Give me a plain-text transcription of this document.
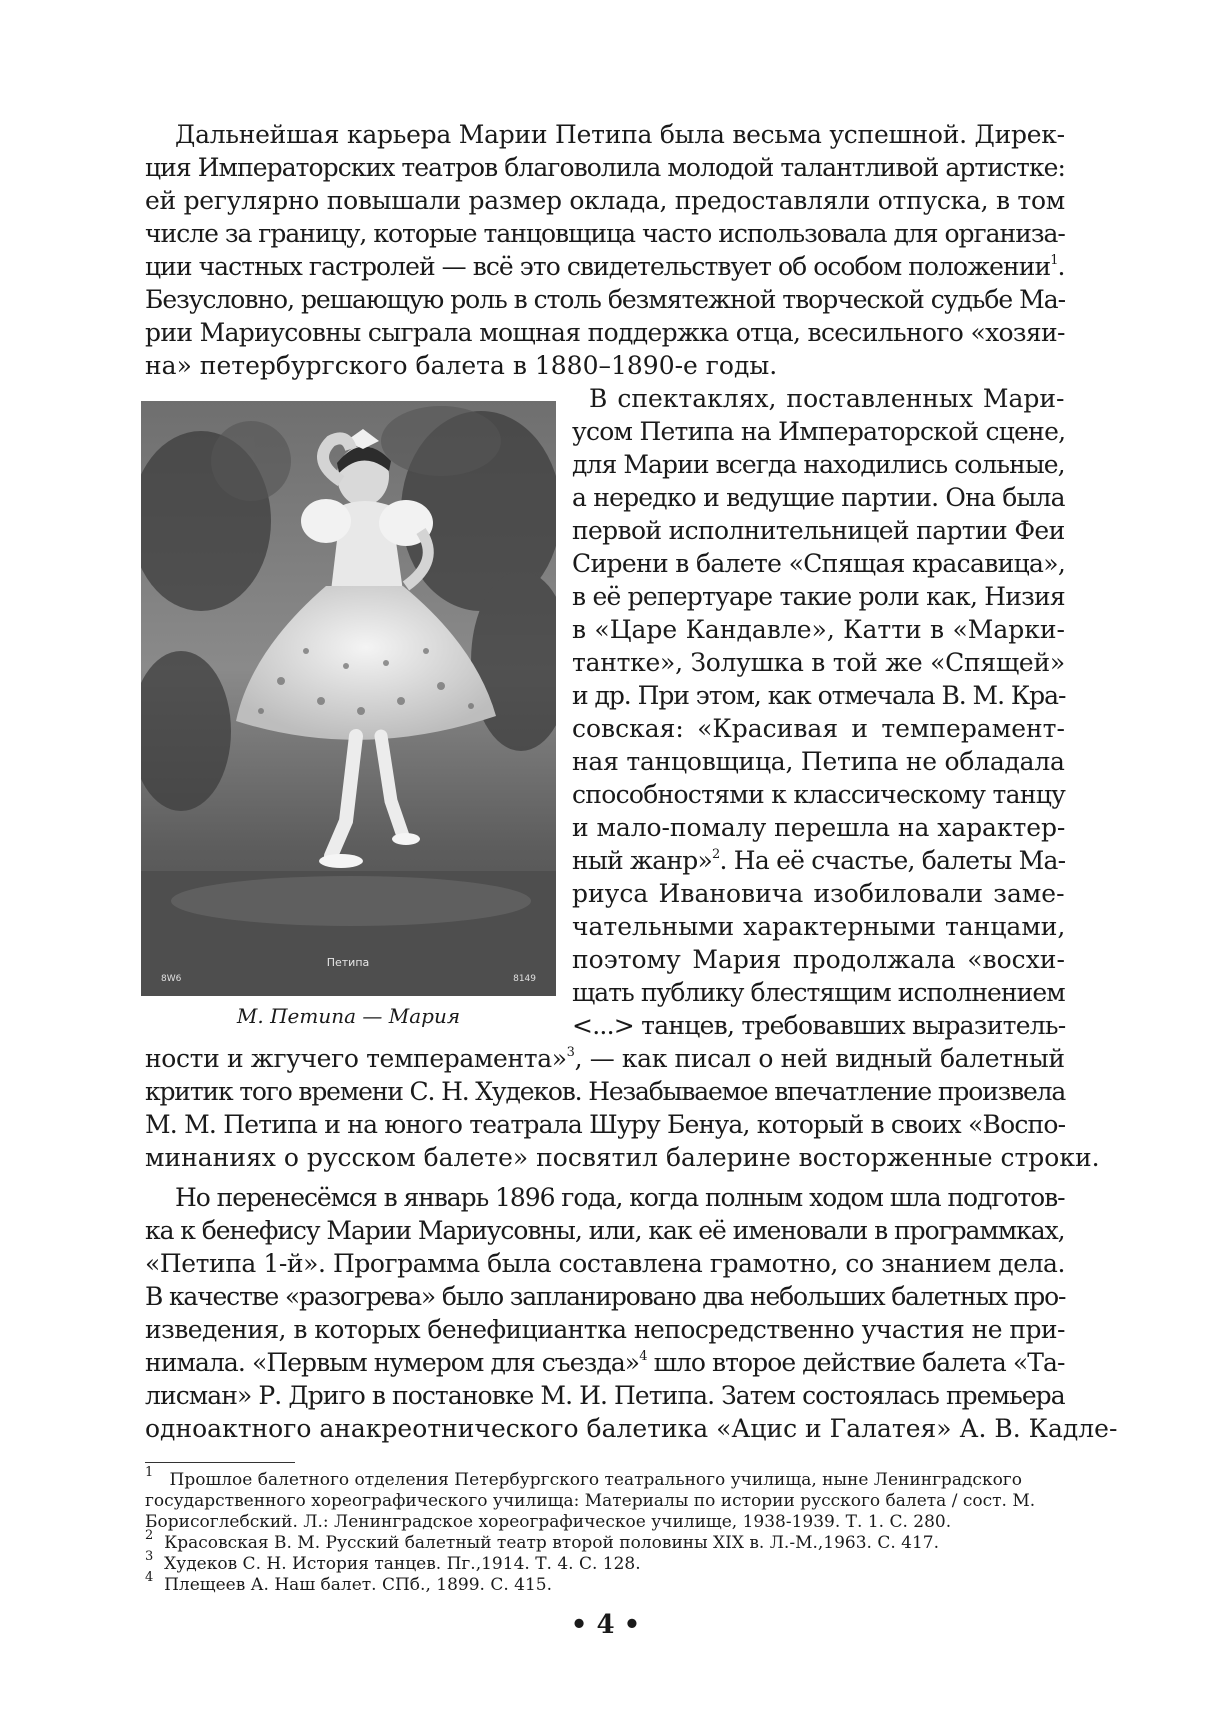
Дальнейшая карьера Марии Петипа была весьма успешной. Дирек-
ция Императорских театров благоволила молодой талантливой артистке:
ей регулярно повышали размер оклада, предоставляли отпуска, в том
числе за границу, которые танцовщица часто использовала для организа-
ции частных гастролей — всё это свидетельствует об особом положении$^1$.
Безусловно, решающую роль в столь безмятежной творческой судьбе Ма-
рии Мариусовны сыграла мощная поддержка отца, всесильного «хозяи-
на» петербургского балета в 1880–1890-е годы.
8W6
Петипа
8149
М. Петипа — Мария
В спектаклях, поставленных Мари-
усом Петипа на Императорской сцене,
для Марии всегда находились сольные,
а нередко и ведущие партии. Она была
первой исполнительницей партии Феи
Сирени в балете «Спящая красавица»,
в её репертуаре такие роли как, Низия
в «Царе Кандавле», Катти в «Марки-
тантке», Золушка в той же «Спящей»
и др. При этом, как отмечала В. М. Кра-
совская: «Красивая и темперамент-
ная танцовщица, Петипа не обладала
способностями к классическому танцу
и мало-помалу перешла на характер-
ный жанр»$^2$. На её счастье, балеты Ма-
риуса Ивановича изобиловали заме-
чательными характерными танцами,
поэтому Мария продолжала «восхи-
щать публику блестящим исполнением
<...> танцев, требовавших выразитель-
ности и жгучего темперамента»$^3$, — как писал о ней видный балетный
критик того времени С. Н. Худеков. Незабываемое впечатление произвела
М. М. Петипа и на юного театрала Шуру Бенуа, который в своих «Воспо-
минаниях о русском балете» посвятил балерине восторженные строки.
Но перенесёмся в январь 1896 года, когда полным ходом шла подготов-
ка к бенефису Марии Мариусовны, или, как её именовали в программках,
«Петипа 1-й». Программа была составлена грамотно, со знанием дела.
В качестве «разогрева» было запланировано два небольших балетных про-
изведения, в которых бенефициантка непосредственно участия не при-
нимала. «Первым нумером для съезда»$^4$ шло второе действие балета «Та-
лисман» Р. Дриго в постановке М. И. Петипа. Затем состоялась премьера
одноактного анакреотнического балетика «Ацис и Галатея» А. В. Кадле-
$^1$ Прошлое балетного отделения Петербургского театрального училища, ныне Ленинградского государственного хореографического училища: Материалы по истории русского балета / сост. М. Борисоглебский. Л.: Ленинградское хореографическое училище, 1938-1939. Т. 1. С. 280.
$^2$ Красовская В. М. Русский балетный театр второй половины XIX в. Л.-М.,1963. С. 417.
$^3$ Худеков С. Н. История танцев. Пг.,1914. Т. 4. С. 128.
$^4$ Плещеев А. Наш балет. СПб., 1899. С. 415.
• 4 •
